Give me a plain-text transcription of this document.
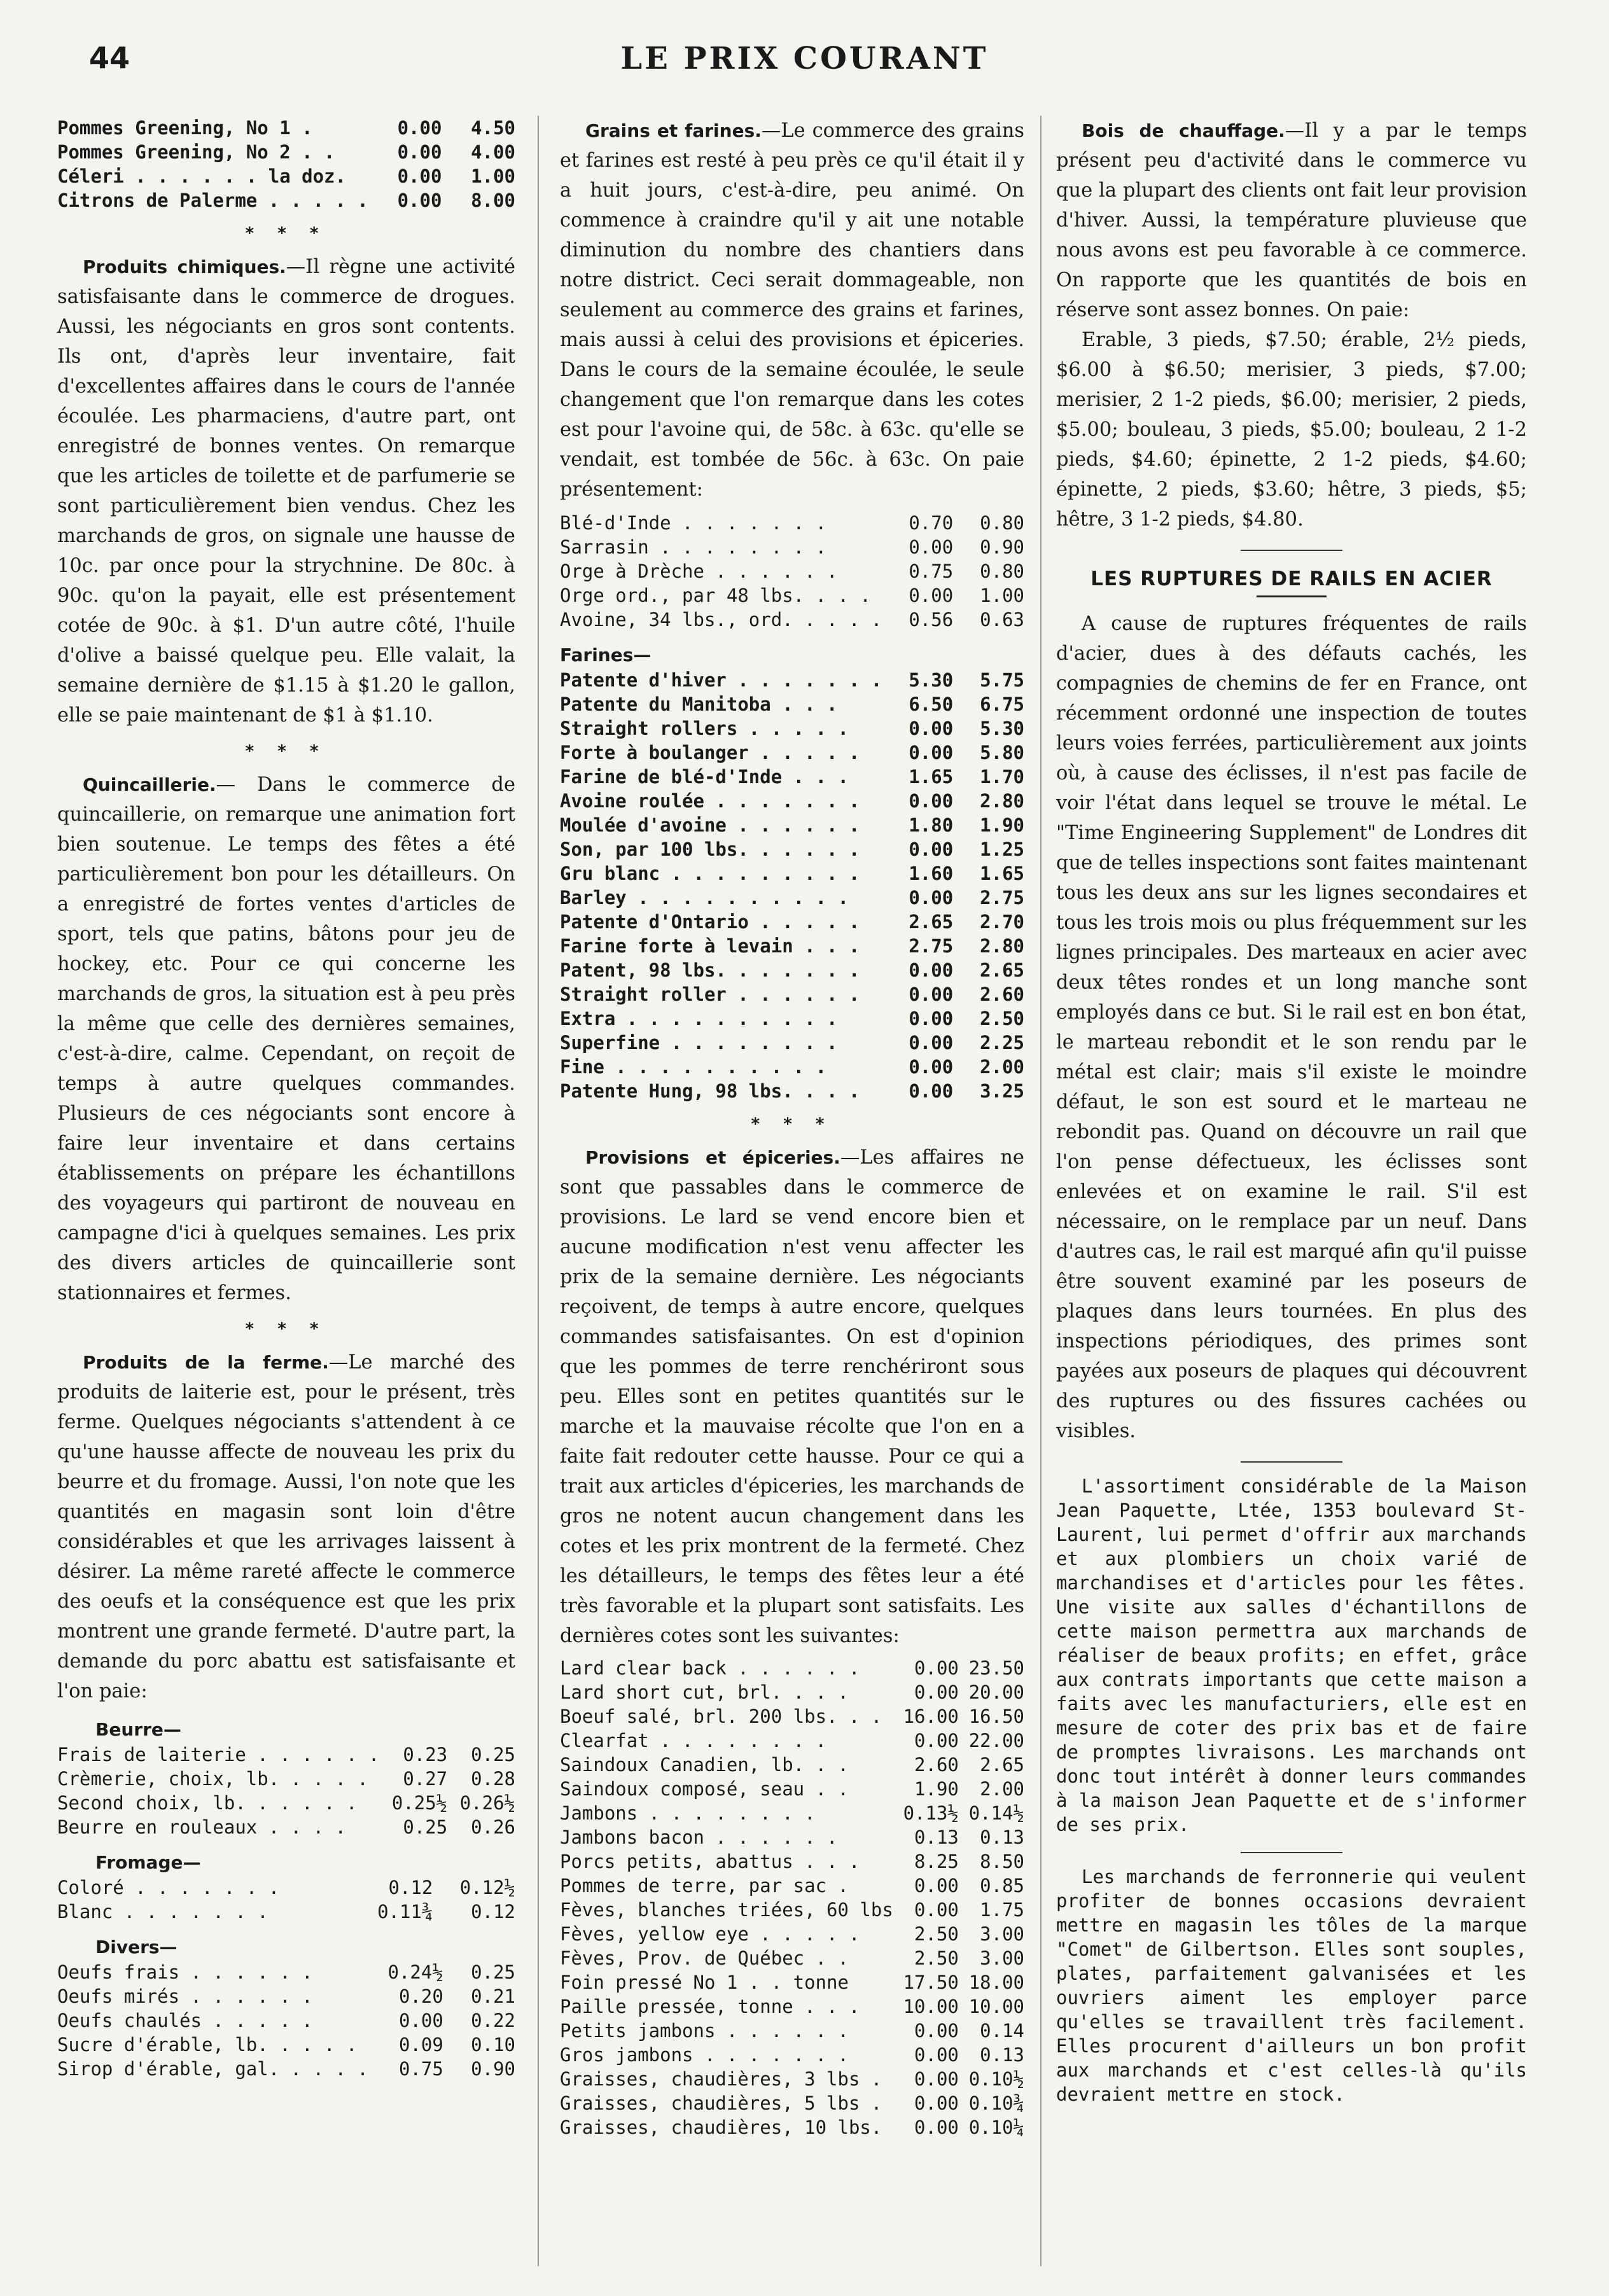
44	LE PRIX COURANT
Pommes Greening, No 1 .	0.00	4.50
Pommes Greening, No 2 . .	0.00	4.00
Céleri . . . . . . la doz.	0.00	1.00
Citrons de Palerme . . . . .	0.00	8.00
* * *

Produits chimiques.—Il règne une activité satisfaisante dans le commerce de drogues. Aussi, les négociants en gros sont contents. Ils ont, d'après leur inventaire, fait d'excellentes affaires dans le cours de l'année écoulée. Les pharmaciens, d'autre part, ont enregistré de bonnes ventes. On remarque que les articles de toilette et de parfumerie se sont particulièrement bien vendus. Chez les marchands de gros, on signale une hausse de 10c. par once pour la strychnine. De 80c. à 90c. qu'on la payait, elle est présentement cotée de 90c. à $1. D'un autre côté, l'huile d'olive a baissé quelque peu. Elle valait, la semaine dernière de $1.15 à $1.20 le gallon, elle se paie maintenant de $1 à $1.10.

* * *

Quincaillerie.— Dans le commerce de quincaillerie, on remarque une animation fort bien soutenue. Le temps des fêtes a été particulièrement bon pour les détailleurs. On a enregistré de fortes ventes d'articles de sport, tels que patins, bâtons pour jeu de hockey, etc. Pour ce qui concerne les marchands de gros, la situation est à peu près la même que celle des dernières semaines, c'est-à-dire, calme. Cependant, on reçoit de temps à autre quelques commandes. Plusieurs de ces négociants sont encore à faire leur inventaire et dans certains établissements on prépare les échantillons des voyageurs qui partiront de nouveau en campagne d'ici à quelques semaines. Les prix des divers articles de quincaillerie sont stationnaires et fermes.

* * *

Produits de la ferme.—Le marché des produits de laiterie est, pour le présent, très ferme. Quelques négociants s'attendent à ce qu'une hausse affecte de nouveau les prix du beurre et du fromage. Aussi, l'on note que les quantités en magasin sont loin d'être considérables et que les arrivages laissent à désirer. La même rareté affecte le commerce des oeufs et la conséquence est que les prix montrent une grande fermeté. D'autre part, la demande du porc abattu est satisfaisante et l'on paie:

Beurre—
Frais de laiterie . . . . . .	0.23	0.25
Crèmerie, choix, lb. . . . .	0.27	0.28
Second choix, lb. . . . . .	0.25½	0.26½
Beurre en rouleaux . . . .	0.25	0.26
Fromage—
Coloré . . . . . . .	0.12	0.12½
Blanc . . . . . . .	0.11¾	0.12
Divers—
Oeufs frais . . . . . .	0.24½	0.25
Oeufs mirés . . . . . .	0.20	0.21
Oeufs chaulés . . . . .	0.00	0.22
Sucre d'érable, lb. . . . .	0.09	0.10
Sirop d'érable, gal. . . . .	0.75	0.90

Grains et farines.—Le commerce des grains et farines est resté à peu près ce qu'il était il y a huit jours, c'est-à-dire, peu animé. On commence à craindre qu'il y ait une notable diminution du nombre des chantiers dans notre district. Ceci serait dommageable, non seulement au commerce des grains et farines, mais aussi à celui des provisions et épiceries. Dans le cours de la semaine écoulée, le seule changement que l'on remarque dans les cotes est pour l'avoine qui, de 58c. à 63c. qu'elle se vendait, est tombée de 56c. à 63c. On paie présentement:

Blé-d'Inde . . . . . . .	0.70	0.80
Sarrasin . . . . . . . .	0.00	0.90
Orge à Drèche . . . . . .	0.75	0.80
Orge ord., par 48 lbs. . . .	0.00	1.00
Avoine, 34 lbs., ord. . . . .	0.56	0.63
Farines—
Patente d'hiver . . . . . . .	5.30	5.75
Patente du Manitoba . . .	6.50	6.75
Straight rollers . . . . .	0.00	5.30
Forte à boulanger . . . . .	0.00	5.80
Farine de blé-d'Inde . . .	1.65	1.70
Avoine roulée . . . . . . .	0.00	2.80
Moulée d'avoine . . . . . .	1.80	1.90
Son, par 100 lbs. . . . . .	0.00	1.25
Gru blanc . . . . . . . . .	1.60	1.65
Barley . . . . . . . . . .	0.00	2.75
Patente d'Ontario . . . . .	2.65	2.70
Farine forte à levain . . .	2.75	2.80
Patent, 98 lbs. . . . . . .	0.00	2.65
Straight roller . . . . . .	0.00	2.60
Extra . . . . . . . . . .	0.00	2.50
Superfine . . . . . . . .	0.00	2.25
Fine . . . . . . . . . .	0.00	2.00
Patente Hung, 98 lbs. . . .	0.00	3.25
* * *

Provisions et épiceries.—Les affaires ne sont que passables dans le commerce de provisions. Le lard se vend encore bien et aucune modification n'est venu affecter les prix de la semaine dernière. Les négociants reçoivent, de temps à autre encore, quelques commandes satisfaisantes. On est d'opinion que les pommes de terre renchériront sous peu. Elles sont en petites quantités sur le marche et la mauvaise récolte que l'on en a faite fait redouter cette hausse. Pour ce qui a trait aux articles d'épiceries, les marchands de gros ne notent aucun changement dans les cotes et les prix montrent de la fermeté. Chez les détailleurs, le temps des fêtes leur a été très favorable et la plupart sont satisfaits. Les dernières cotes sont les suivantes:

Lard clear back . . . . . .	0.00	23.50
Lard short cut, brl. . . .	0.00	20.00
Boeuf salé, brl. 200 lbs. . .	16.00	16.50
Clearfat . . . . . . . .	0.00	22.00
Saindoux Canadien, lb. . .	2.60	2.65
Saindoux composé, seau . .	1.90	2.00
Jambons . . . . . . . .	0.13½	0.14½
Jambons bacon . . . . . .	0.13	0.13
Porcs petits, abattus . . .	8.25	8.50
Pommes de terre, par sac .	0.00	0.85
Fèves, blanches triées, 60 lbs	0.00	1.75
Fèves, yellow eye . . . . .	2.50	3.00
Fèves, Prov. de Québec . .	2.50	3.00
Foin pressé No 1 . . tonne	17.50	18.00
Paille pressée, tonne . . .	10.00	10.00
Petits jambons . . . . . .	0.00	0.14
Gros jambons . . . . . . .	0.00	0.13
Graisses, chaudières, 3 lbs .	0.00	0.10½
Graisses, chaudières, 5 lbs .	0.00	0.10¾
Graisses, chaudières, 10 lbs.	0.00	0.10¼

Bois de chauffage.—Il y a par le temps présent peu d'activité dans le commerce vu que la plupart des clients ont fait leur provision d'hiver. Aussi, la température pluvieuse que nous avons est peu favorable à ce commerce. On rapporte que les quantités de bois en réserve sont assez bonnes. On paie:

Erable, 3 pieds, $7.50; érable, 2½ pieds, $6.00 à $6.50; merisier, 3 pieds, $7.00; merisier, 2 1-2 pieds, $6.00; merisier, 2 pieds, $5.00; bouleau, 3 pieds, $5.00; bouleau, 2 1-2 pieds, $4.60; épinette, 2 1-2 pieds, $4.60; épinette, 2 pieds, $3.60; hêtre, 3 pieds, $5; hêtre, 3 1-2 pieds, $4.80.

LES RUPTURES DE RAILS EN ACIER

A cause de ruptures fréquentes de rails d'acier, dues à des défauts cachés, les compagnies de chemins de fer en France, ont récemment ordonné une inspection de toutes leurs voies ferrées, particulièrement aux joints où, à cause des éclisses, il n'est pas facile de voir l'état dans lequel se trouve le métal. Le "Time Engineering Supplement" de Londres dit que de telles inspections sont faites maintenant tous les deux ans sur les lignes secondaires et tous les trois mois ou plus fréquemment sur les lignes principales. Des marteaux en acier avec deux têtes rondes et un long manche sont employés dans ce but. Si le rail est en bon état, le marteau rebondit et le son rendu par le métal est clair; mais s'il existe le moindre défaut, le son est sourd et le marteau ne rebondit pas. Quand on découvre un rail que l'on pense défectueux, les éclisses sont enlevées et on examine le rail. S'il est nécessaire, on le remplace par un neuf. Dans d'autres cas, le rail est marqué afin qu'il puisse être souvent examiné par les poseurs de plaques dans leurs tournées. En plus des inspections périodiques, des primes sont payées aux poseurs de plaques qui découvrent des ruptures ou des fissures cachées ou visibles.

L'assortiment considérable de la Maison Jean Paquette, Ltée, 1353 boulevard St-Laurent, lui permet d'offrir aux marchands et aux plombiers un choix varié de marchandises et d'articles pour les fêtes. Une visite aux salles d'échantillons de cette maison permettra aux marchands de réaliser de beaux profits; en effet, grâce aux contrats importants que cette maison a faits avec les manufacturiers, elle est en mesure de coter des prix bas et de faire de promptes livraisons. Les marchands ont donc tout intérêt à donner leurs commandes à la maison Jean Paquette et de s'informer de ses prix.

Les marchands de ferronnerie qui veulent profiter de bonnes occasions devraient mettre en magasin les tôles de la marque "Comet" de Gilbertson. Elles sont souples, plates, parfaitement galvanisées et les ouvriers aiment les employer parce qu'elles se travaillent très facilement. Elles procurent d'ailleurs un bon profit aux marchands et c'est celles-là qu'ils devraient mettre en stock.
